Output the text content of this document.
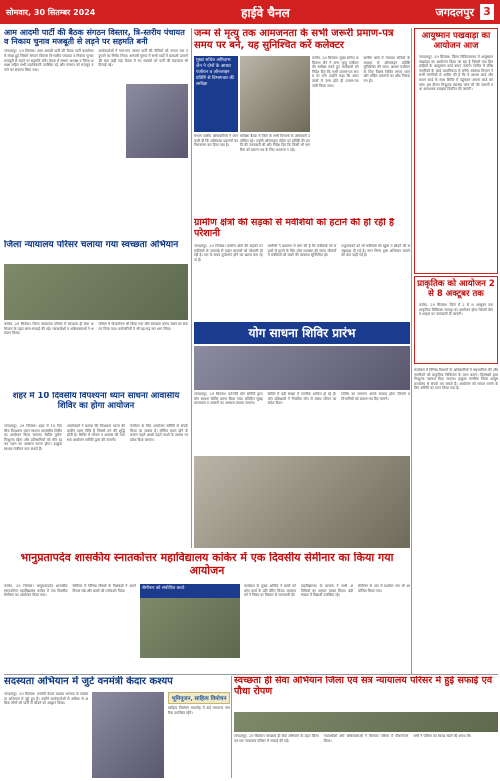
सोमवार, 30 सितम्बर 2024	हाईवे चैनल	जगदलपुर 3
आम आदमी पार्टी की बैठक संगठन विस्तार, त्रि-स्तरीय पंचायत व निकाय चुनाव मजबूती से लड़ने पर सहमति बनी
जगदलपुर, 29 सितंबर। आम आदमी पार्टी की बैठक पार्टी कार्यालय में संपन्न हुई जिसमें संगठन विस्तार त्रि-स्तरीय पंचायत व निकाय चुनाव मजबूती से लड़ने पर सहमति बनी। बैठक में संभाग अध्यक्ष व जिला अध्यक्ष सहित सभी पदाधिकारी उपस्थित रहे और संगठन को मजबूत बनाने का संकल्प लिया गया।
कार्यकर्ताओं ने गांव-गांव जाकर पार्टी की नीतियों को जनता तक पहुंचाने का निर्णय लिया। आगामी चुनाव में सभी वार्डों में प्रत्याशी उतारने की बात कही गई। बैठक में नए सदस्यों को पार्टी की सदस्यता भी दिलाई गई।
जन्म से मृत्यु तक आमजनता के सभी जरूरी प्रमाण-पत्र समय पर बने, यह सुनिश्चित करें कलेक्टर
मुख्य सचिव अमिताभ जैन ने दोनों के आधार पंजीयन व ऑनलाइन प्रविष्टि से विभागवार की समीक्षा
कांकेर, 29 सितंबर। मुख्य सचिव अमिताभ जैन ने जन्म मृत्यु पंजीयन की समीक्षा करते हुए कलेक्टरों को निर्देश दिए कि सभी प्रमाण-पत्र समय पर बनें। उन्होंने कहा कि अस्पतालों में जन्म होते ही प्रमाण-पत्र जारी किया जाए।
ग्रामीण क्षेत्रों में पंचायत सचिवों के माध्यम से ऑनलाइन प्रविष्टि सुनिश्चित की जाए। आधार पंजीयन के लिए विशेष शिविर लगाए जाएं और लंबित प्रकरणों का शीघ्र निराकरण हो।
समीक्षा बैठक में जिले के सभी विभागों के अधिकारी उपस्थित रहे। उन्होंने ऑनलाइन पोर्टल पर प्रविष्टि की प्रगति की जानकारी ली और निर्देश दिए कि किसी भी नागरिक को प्रमाण-पत्र के लिए भटकना न पड़े।
संभाग स्तरीय अधिकारियों ने जानकारी दी कि अधिकांश प्रकरणों का निराकरण कर दिया गया है।
आयुष्मान पखवाड़ा का आयोजन आज
जगदलपुर, 29 सितंबर। जिला चिकित्सालय में आयुष्मान पखवाड़ा का आयोजन किया जा रहा है जिसमें पात्र हितग्राहियों के आयुष्मान कार्ड बनाए जाएंगे। शिविर में वरिष्ठ नागरिकों के कार्ड प्राथमिकता से बनेंगे। स्वास्थ्य विभाग ने सभी नागरिकों से अपील की है कि वे आधार कार्ड और राशन कार्ड के साथ शिविर में पहुंचकर अपना कार्ड बनवाएं। इस दौरान निःशुल्क स्वास्थ्य जांच भी की जाएगी तथा आवश्यक दवाइयां वितरित की जाएंगी।
प्राकृतिक को आयोजन 2 से 8 अक्टूबर तक
कांकेर, 29 सितंबर। जिले में 2 से 8 अक्टूबर तक प्राकृतिक चिकित्सा सप्ताह का आयोजन होगा जिसमें योग व आहार पर जानकारी दी जाएगी।
कार्यक्रम में विभिन्न विभागों के अधिकारियों ने सहभागिता की और नागरिकों को प्राकृतिक चिकित्सा के लाभ बताए। विशेषज्ञों द्वारा निःशुल्क परामर्श दिया जाएगा। इच्छुक नागरिक जिला आयुष कार्यालय से संपर्क कर सकते हैं। आयोजन को सफल बनाने के लिए समिति का गठन किया गया है।
ग्रामीण क्षेत्रों की सड़कों से मवेशियों को हटाने की हो रही है परेशानी
जगदलपुर, 29 सितंबर। ग्रामीण क्षेत्रों की सड़कों पर मवेशियों के जमावड़े से वाहन चालकों को परेशानी हो रही है। रात के समय दुर्घटनाएं होने का खतरा बना रहता है।
ग्रामीणों ने प्रशासन से मांग की है कि मवेशियों को सड़कों से हटाने के लिए ठोस व्यवस्था की जाए। गौठानों में मवेशियों को रखने की व्यवस्था सुनिश्चित हो।
पशुपालकों को भी मवेशियों को खुला न छोड़ने की समझाइश दी गई है। नगर निगम द्वारा अभियान चलाने की बात कही गई है।
जिला न्यायालय परिसर चलाया गया स्वच्छता अभियान
कांकेर, 29 सितंबर। जिला न्यायालय परिसर में स्वच्छता ही सेवा अभियान के तहत साफ-सफाई की गई। न्यायाधीशों व अधिवक्ताओं ने श्रमदान किया।
परिसर में पौधारोपण भी किया गया और स्वच्छता बनाए रखने का संकल्प लिया गया। कर्मचारियों ने भी बढ़-चढ़ कर भाग लिया।	योग साधना शिविर प्रारंभ
जगदलपुर, 29 सितंबर। पतंजलि योग समिति द्वारा योग साधना शिविर प्रारंभ किया गया। प्रतिदिन सुबह प्राणायाम व आसनों का अभ्यास कराया जाएगा।
शिविर में बड़ी संख्या में नागरिक शामिल हो रहे हैं। योग प्रशिक्षकों ने नियमित योग से स्वस्थ जीवन का संदेश दिया।
शिविर का समापन अगले सप्ताह होगा जिसमें प्रतिभागियों को प्रमाण-पत्र दिए जाएंगे।
शहर में 10 दिवसीय विपश्यना ध्यान साधना आवासीय शिविर का होगा आयोजन
जगदलपुर, 29 सितंबर। शहर में 10 दिवसीय विपश्यना ध्यान साधना आवासीय शिविर का आयोजन किया जाएगा। शिविर पूर्णतः निःशुल्क रहेगा और प्रतिभागियों को मौन रहकर ध्यान का अभ्यास करना होगा। इच्छुक साधक पंजीयन करा सकते हैं।
आयोजकों ने बताया कि विपश्यना भारत की प्राचीन ध्यान विधि है जिससे मन की शुद्धि होती है। शिविर में भोजन व आवास की व्यवस्था आयोजन समिति द्वारा की जाएगी।
पंजीयन के लिए आयोजन समिति से संपर्क किया जा सकता है। सीमित स्थान होने के कारण पहले आओ पहले पाओ के आधार पर प्रवेश दिया जाएगा।
भानुप्रतापदेव शासकीय स्नातकोत्तर महाविद्यालय कांकेर में एक दिवसीय सेमीनार का किया गया आयोजन
सेमीनार को संबोधित करते
कांकेर, 29 सितंबर। भानुप्रतापदेव शासकीय स्नातकोत्तर महाविद्यालय कांकेर में एक दिवसीय सेमीनार का आयोजन किया गया।
सेमीनार में विभिन्न विषयों के विशेषज्ञों ने अपने विचार रखे और छात्रों को मार्गदर्शन दिया।
कार्यक्रम के मुख्य अतिथि ने छात्रों को शोध कार्य के प्रति प्रेरित किया। प्राध्यापकों ने विषय पर विस्तार से जानकारी दी।
महाविद्यालय के प्राचार्य ने सभी अतिथियों का आभार व्यक्त किया। बड़ी संख्या में विद्यार्थी उपस्थित रहे।
सेमीनार के अंत में प्रश्नोत्तर सत्र भी आयोजित किया गया।
सदस्यता अभियान में जुटे वनमंत्री केदार कश्यप
जगदलपुर, 29 सितंबर। वनमंत्री केदार कश्यप भाजपा के सदस्यता अभियान में जुटे हुए हैं। उन्होंने कार्यकर्ताओं से अधिक से अधिक लोगों को पार्टी से जोड़ने का आह्वान किया।
भूमिपूजन, साहित्य विमोचन
साहित्य विमोचन समारोह में कई गणमान्य नागरिक उपस्थित रहेंगे।
स्वच्छता ही सेवा अभियान जिला एवं सत्र न्यायालय परिसर में हुई सफाई एवं पौधा रोपण
जगदलपुर, 29 सितंबर। स्वच्छता ही सेवा अभियान के तहत जिला एवं सत्र न्यायालय परिसर में सफाई की गई।
न्यायाधीशों और अधिवक्ताओं ने मिलकर परिसर में पौधारोपण किया।
सभी ने परिसर को स्वच्छ रखने की शपथ ली।
